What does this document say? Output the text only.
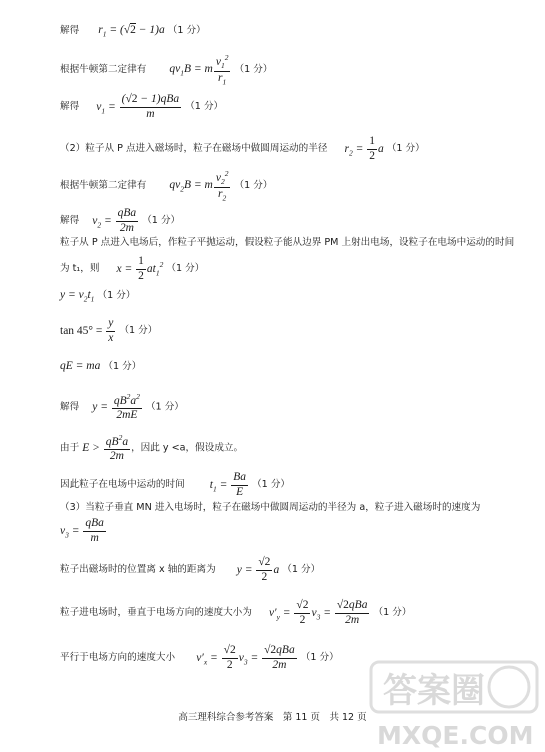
解得 $r_1 = (√2 - 1)a$ （1 分）
根据牛顿第二定律有 $qv_1B = m \frac{v_1^2}{r_1} (1$ 分）
解得 $v_1$ =
(√2 − 1)qBa
m
（1 分）
（2）粒子从 P 点进入磁场时，粒子在磁场中做圆周运动的半径 $r_2 = \frac{1}{2}$ a （1 分）
根据牛顿第二定律有 $qv_2B = m \frac{v_2^2}{r_2} (1$ 分）
解得 $v_2$ =
qBa
2m
（1 分）
粒子从 P 点进入电场后，作粒子平抛运动，假设粒子能从边界 PM 上射出电场，设粒子在电场中运动的时间
为 t₁，则 $x = \frac{1}{2} at_1^2$ （1 分）
$y = v_2t_1$ （1 分）
$\tan 45^\circ = \frac{y}{x} (1$ 分）
qE = ma （1 分）
解得 $y = \frac{qB^2a^2}{2mE} (1$ 分）
由于 $E > \frac{qB^2a}{2m}$ ，因此 y <a，假设成立。
因此粒子在电场中运动的时间 $t_1 = \frac{Ba}{E} (1$ 分）
（3）当粒子垂直 MN 进入电场时，粒子在磁场中做圆周运动的半径为 a，粒子进入磁场时的速度为
$v_3$ =
qBa
m
粒子出磁场时的位置离 x 轴的距离为 $y = \frac{√2}{2}$ a （1 分）
粒子进电场时，垂直于电场方向的速度大小为 $v'_y = \frac{√2}{2} v_3$ =
√2qBa
2m
（1 分）
平行于电场方向的速度大小 $v'_x = \frac{√2}{2} v_3$ =
√2qBa
2m
（1 分）
高三理科综合参考答案　第 11 页　共 12 页
答案圈
MXQE.COM
